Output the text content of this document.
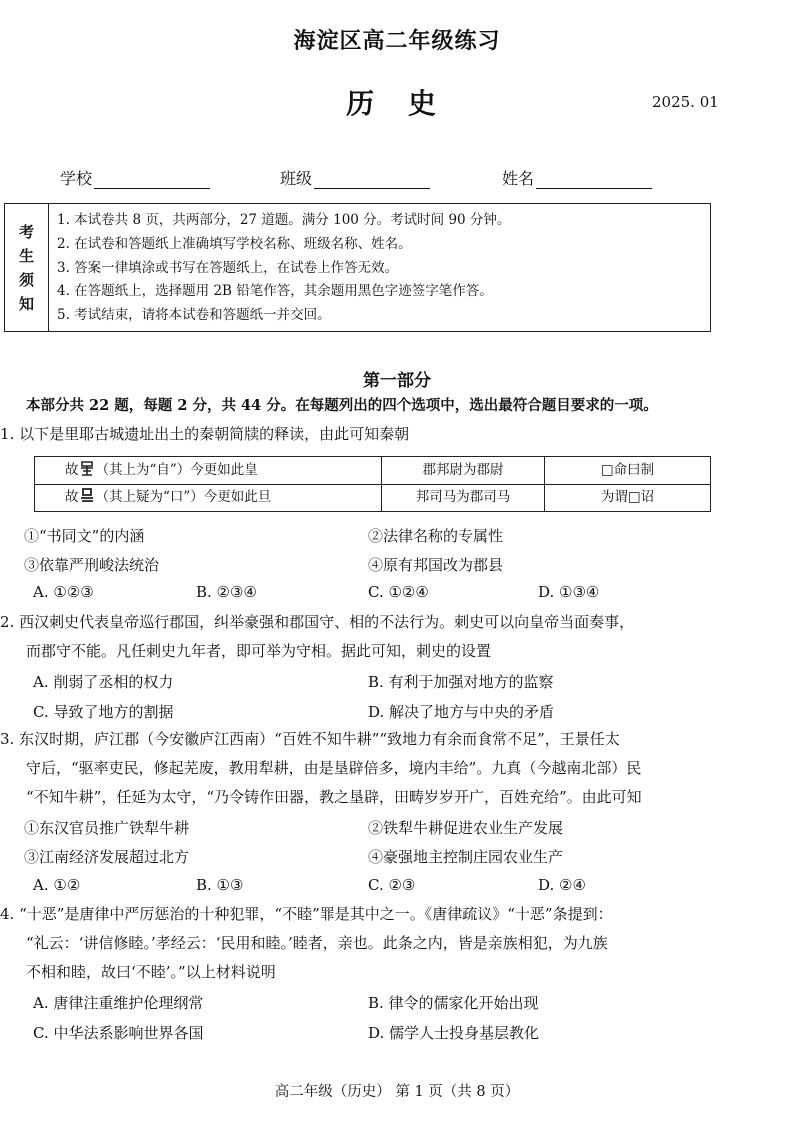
海淀区高二年级练习
历 史	2025. 01
学校	班级	姓名
考
生
须
知
1. 本试卷共 8 页，共两部分，27 道题。满分 100 分。考试时间 90 分钟。
2. 在试卷和答题纸上准确填写学校名称、班级名称、姓名。
3. 答案一律填涂或书写在答题纸上，在试卷上作答无效。
4. 在答题纸上，选择题用 2B 铅笔作答，其余题用黑色字迹签字笔作答。
5. 考试结束，请将本试卷和答题纸一并交回。
第一部分
本部分共 22 题，每题 2 分，共 44 分。在每题列出的四个选项中，选出最符合题目要求的一项。
1. 以下是里耶古城遗址出土的秦朝简牍的释读，由此可知秦朝
故 （其上为“自”）今更如此皇	郡邦尉为郡尉	□命曰制
故 （其上疑为“口”）今更如此旦	邦司马为郡司马	为谓□诏
①“书同文”的内涵	②法律名称的专属性
③依靠严刑峻法统治	④原有邦国改为郡县
A. ①②③	B. ②③④	C. ①②④	D. ①③④
2. 西汉刺史代表皇帝巡行郡国，纠举豪强和郡国守、相的不法行为。刺史可以向皇帝当面奏事，
而郡守不能。凡任刺史九年者，即可举为守相。据此可知，刺史的设置
A. 削弱了丞相的权力	B. 有利于加强对地方的监察
C. 导致了地方的割据	D. 解决了地方与中央的矛盾
3. 东汉时期，庐江郡（今安徽庐江西南）“百姓不知牛耕”“致地力有余而食常不足”，王景任太
守后，“驱率吏民，修起芜废，教用犁耕，由是垦辟倍多，境内丰给”。九真（今越南北部）民
“不知牛耕”，任延为太守，“乃令铸作田器，教之垦辟，田畴岁岁开广，百姓充给”。由此可知
①东汉官员推广铁犁牛耕	②铁犁牛耕促进农业生产发展
③江南经济发展超过北方	④豪强地主控制庄园农业生产
A. ①②	B. ①③	C. ②③	D. ②④
4. “十恶”是唐律中严厉惩治的十种犯罪，“不睦”罪是其中之一。《唐律疏议》“十恶”条提到：
“礼云：‘讲信修睦。’孝经云：‘民用和睦。’睦者，亲也。此条之内，皆是亲族相犯，为九族
不相和睦，故曰‘不睦’。”以上材料说明
A. 唐律注重维护伦理纲常	B. 律令的儒家化开始出现
C. 中华法系影响世界各国	D. 儒学人士投身基层教化
高二年级（历史） 第 1 页（共 8 页）
